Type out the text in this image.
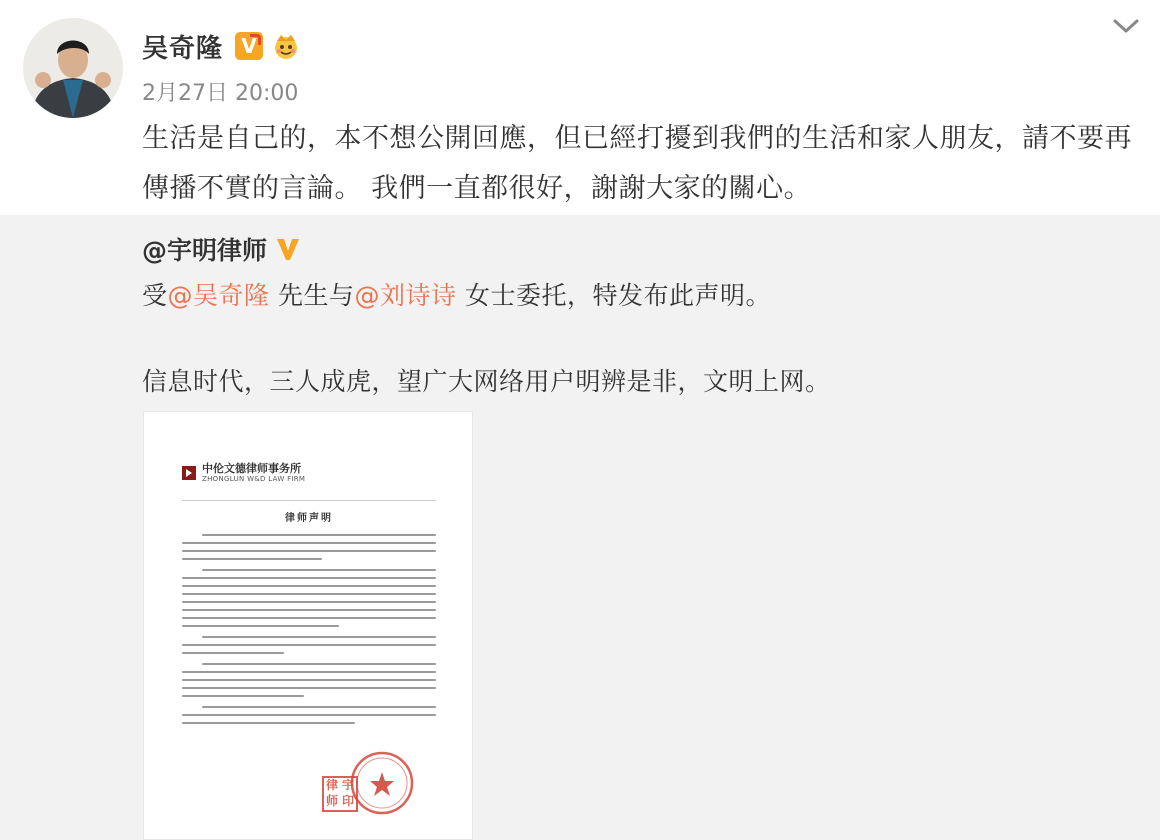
吴奇隆 V
2月27日 20:00
生活是自己的，本不想公開回應，但已經打擾到我們的生活和家人朋友，請不要再傳播不實的言論。 我們一直都很好，謝謝大家的關心。
@宇明律师
受@吴奇隆 先生与@刘诗诗 女士委托，特发布此声明。
信息时代，三人成虎，望广大网络用户明辨是非，文明上网。
中伦文德律师事务所
ZHONGLUN W&D LAW FIRM
律师声明
律 宇
师 印
